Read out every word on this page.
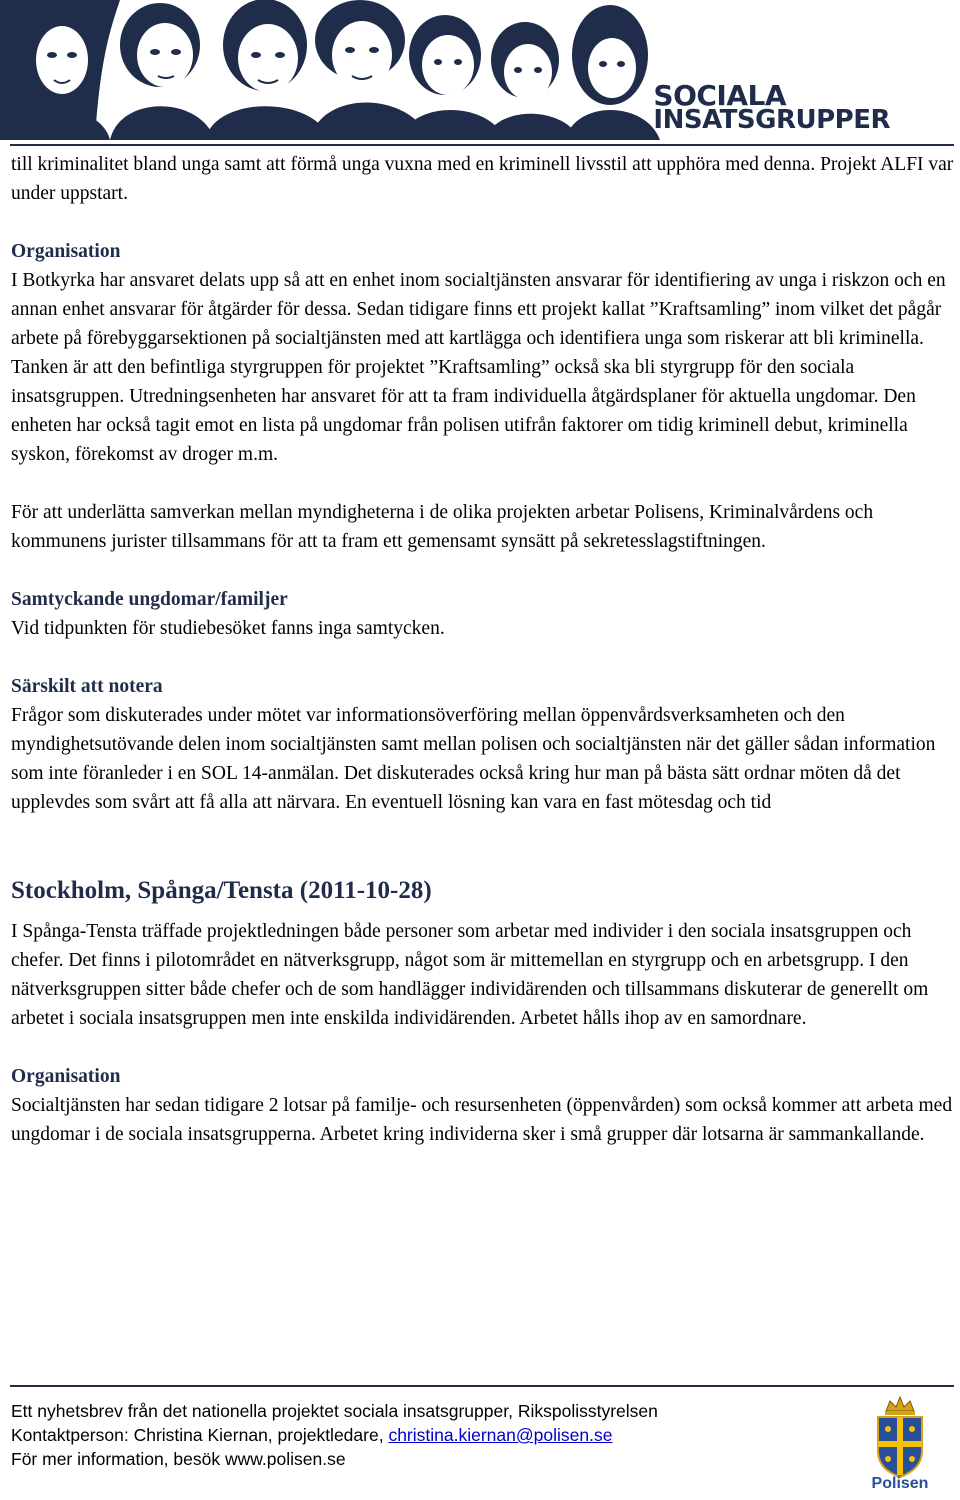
SOCIALA
INSATSGRUPPER

till kriminalitet bland unga samt att förmå unga vuxna med en kriminell livsstil att upphöra med denna. Projekt ALFI var under uppstart.

Organisation

I Botkyrka har ansvaret delats upp så att en enhet inom socialtjänsten ansvarar för identifiering av unga i riskzon och en annan enhet ansvarar för åtgärder för dessa. Sedan tidigare finns ett projekt kallat ”Kraftsamling” inom vilket det pågår arbete på förebyggarsektionen på socialtjänsten med att kartlägga och identifiera unga som riskerar att bli kriminella. Tanken är att den befintliga styrgruppen för projektet ”Kraftsamling” också ska bli styrgrupp för den sociala insatsgruppen. Utredningsenheten har ansvaret för att ta fram individuella åtgärdsplaner för aktuella ungdomar. Den enheten har också tagit emot en lista på ungdomar från polisen utifrån faktorer om tidig kriminell debut, kriminella syskon, förekomst av droger m.m.

För att underlätta samverkan mellan myndigheterna i de olika projekten arbetar Polisens, Kriminalvårdens och kommunens jurister tillsammans för att ta fram ett gemensamt synsätt på sekretesslagstiftningen.

Samtyckande ungdomar/familjer

Vid tidpunkten för studiebesöket fanns inga samtycken.

Särskilt att notera

Frågor som diskuterades under mötet var informationsöverföring mellan öppenvårdsverksamheten och den myndighetsutövande delen inom socialtjänsten samt mellan polisen och socialtjänsten när det gäller sådan information som inte föranleder i en SOL 14-anmälan. Det diskuterades också kring hur man på bästa sätt ordnar möten då det upplevdes som svårt att få alla att närvara. En eventuell lösning kan vara en fast mötesdag och tid

Stockholm, Spånga/Tensta (2011-10-28)

I Spånga-Tensta träffade projektledningen både personer som arbetar med individer i den sociala insatsgruppen och chefer. Det finns i pilotområdet en nätverksgrupp, något som är mittemellan en styrgrupp och en arbetsgrupp. I den nätverksgruppen sitter både chefer och de som handlägger individärenden och tillsammans diskuterar de generellt om arbetet i sociala insatsgruppen men inte enskilda individärenden. Arbetet hålls ihop av en samordnare.

Organisation

Socialtjänsten har sedan tidigare 2 lotsar på familje- och resursenheten (öppenvården) som också kommer att arbeta med ungdomar i de sociala insatsgrupperna. Arbetet kring individerna sker i små grupper där lotsarna är sammankallande.

Ett nyhetsbrev från det nationella projektet sociala insatsgrupper, Rikspolisstyrelsen
Kontaktperson: Christina Kiernan, projektledare, christina.kiernan@polisen.se
För mer information, besök www.polisen.se
Polisen
